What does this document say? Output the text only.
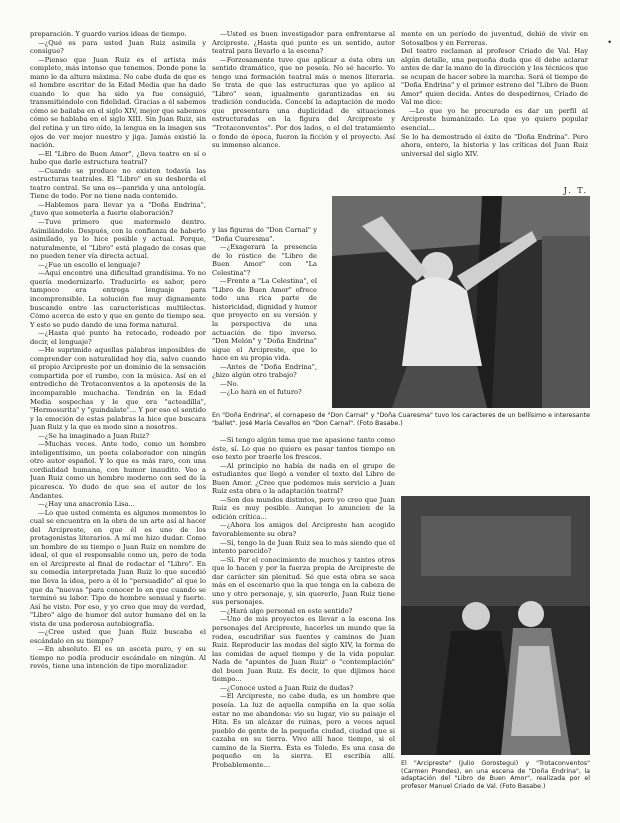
preparación. Y guardo varios ideas de tiempo.

—¿Qué es para usted Juan Ruiz asimila y consigue?

—Pienso que Juan Ruiz es el artista más completo, más intenso que tenemos. Donde pone la mano le da altura máxima. No cabe duda de que es el hombre escritor de la Edad Media que ha dado cuando lo que ha sido ya fue consiguió, transmitiéndolo con fidelidad. Gracias a él sabemos cómo se bailaba en el siglo XIV, mejor que sabemos cómo se hablaba en el siglo XIII. Sin Juan Ruiz, sin del retina y un tiro oído, la lengua en la imagen sus ojos de ver mejor nuestro y jiga. Jamás existió la nación.

—El "Libro de Buen Amor", ¿lleva teatro en sí o hubo que darle estructura teatral?

—Cuando se produce no existen todavía las estructuras teatrales. El "Libro" en su desborda el teatro central. Se una es—panrida y una antología. Tiene de todo. Por no tiene nada contenido.

—Hablemos para llevar ya a "Doña Endrina", ¿tuvo que someterla a fuerte elaboración?

—Tuve primero que matermelo dentro. Asimilándolo. Después, con la confianza de haberlo asimilado, ya lo hice posible y actual. Porque, naturalmente, el "Libro" está plagado de cosas que no pueden tener vía directa actual.

—¿Fue un escollo el lenguaje?

—Aquí encontré una dificultad grandísima. Yo no quería modernizarlo. Traducirlo es sabor, pero tampoco era entrega lenguaje para incomprensible. La solución fue muy dignamente buscando entre las características multilectas. Cómo acerca de esto y que en gente de tiempo sea. Y esto se pudo dando de una forma natural.

—¿Hasta qué punto ha retocado, rodeado por decir, el lenguaje?

—He suprimido aquellas palabras imposibles de comprender con naturalidad hoy día, salvo cuando el propio Arcipreste por un dominio de la sensación compartida por el rumbo, con la música. Así en el entredicho de Trotaconventos a la apoteosis de la incomparable muchacha. Tendrán en la Edad Media sospechas y le que era "acteadílla", "Hermosurita" y "guindalate"... Y por eso el sentido y la emoción de estas palabras la hice que buscara Juan Ruiz y la que es modo sino a nosotros.

—¿Se ha imaginado a Juan Ruiz?

—Muchas veces. Ante todo, como un hombre inteligentísimo, un poeta colaborador con ningún otro autor español. Y lo que es más raro, con una cordialidad humana, con humor inaudito. Veo a Juan Ruiz como un hombre moderno con sed de la picaresca. Yo dudo de que sea el autor de los Andantes.

—¿Hay una anacronía Lisa...

—Lo que usted comenta es algunos momentos lo cual se encuentra en la obra de un arte así al hacer del Arcipreste, en que él es uno de los protagonistas literarios. A mí me hizo dudar. Como un hombre de su tiempo o Juan Ruiz en nombre de ideal, el que el responsable como un, pero de toda en el Arcipreste al final de redactar el "Libro". En su comedia interpretada Juan Ruiz lo que sucedió me lleva la idea, pero a él lo "persuadido" al que lo que da "nuevas "para conocer lo en que cuando se terminó su labor. Tipo de hombre sensual y fuerte. Así he visto. Por eso, y yo creo que muy de verdad, "Libro" algo de humor del autor humano del en la vista de una poderosa autobiografía.

—¿Cree usted que Juan Ruiz buscaba el escándalo en su tiempo?

—En absoluto. Él es un asceta puro, y en su tiempo no podía producir escándalo en ningún. Al revés, tiene una intención de tipo moralizador.

—Usted es buen investigador para enfrentarse al Arcipreste. ¿Hasta qué punto es un sentido, autor teatral para llevarlo a la escena?

—Forzosamente tuve que aplicar a ésta obra un sentido dramático, que no poseía. No sé hacerlo. Yo tengo una formación teatral más o menos literaria. Se trata de que las estructuras que yo aplico al "Libro" sean, igualmente garantizadas en su tradición conducida. Concebí la adaptación de modo que presentara una duplicidad de situaciones estructuradas en la figura del Arcipreste y "Trotaconventos". Por dos lados, o el del tratamiento o fondo de época, fueron la ficción y el proyecto. Así su inmenso alcance.

mente en un período de juventud, debió de vivir en Sotosalbos y en Ferreras.

Del teatro reclaman al profesor Criado de Val. Hay algún detalle, una pequeña duda que él debe aclarar antes de dar la mano de la dirección y los técnicos que se ocupan de hacer sobre la marcha. Será el tiempo de "Doña Endrina" y el primer estreno del "Libro de Buen Amor" quien decida. Antes de despedirnos, Criado de Val me dice:

—Lo que yo he procurado es dar un perfil al Arcipreste humanizado. Lo que yo quiero popular esencial...

Se lo ha demostrado el éxito de "Doña Endrina". Pero ahora, entero, la historia y las críticas del Juan Ruiz universal del siglo XIV.

y las figuras de "Don Carnal" y "Doña Cuaresma".

—¿Exagerará la presencia de lo rústico de "Libro de Buen Amor" con "La Celestina"?

—Frente a "La Celestina", el "Libro de Buen Amor" ofrece todo una rica parte de historicidad, dignidad y humor que proyecto en su versión y la perspectiva de una actuación de tipo inverso. "Don Melón" y "Doña Endrina" sigue el Arcipreste, que lo hace en su propia vida.

—Antes de "Doña Endrina", ¿hizo algún otro trabajo?

—No.

—¿Lo hará en el futuro?

—Si tengo algún tema que me apasione tanto como éste, sí. Lo que no quiero es pasar tantos tiempo en ese texto por traerle los frescos.

—Al principio no había de nada en el grupo de estudiantes que llegó a vender el texto del Libro de Buen Amor. ¿Cree que podemos más servicio a Juan Ruiz esta obra o la adaptación teatral?

—Son dos mundos distintos, pero yo creo que Juan Ruiz es muy posible. Aunque lo anuncien de la edición crítica...

—¿Ahora los amigos del Arcipreste han acogido favorablemente su obra?

—Sí, tengo la de Juan Ruiz sea lo más siendo que el intento parecido?

—Sí. Por el conocimiento de muchos y tantos otros que lo hacen y por la fuerza propia de Arcipreste de dar carácter sin plenitud. Sé que esta obra se saca más en el escenario que la que tenga en la cabeza de uno y otro personaje, y, sin quererlo, Juan Ruiz tiene sus personajes.

—¿Hará algo personal en este sentido?

—Uno de mis proyectos es llevar a la escena los personajes del Arcipreste, hacerles un mundo que la rodea, escudriñar sus fuentes y caminos de Juan Ruiz. Reproducir las modas del siglo XIV, la forma de las comidas de aquel tiempo y de la vida popular. Nada de "apuntes de Juan Ruiz" o "contemplación" del buen Juan Ruiz. Es decir, lo que dijimos hace tiempo...

—¿Conoce usted a Juan Ruiz de dudas?

—El Arcipreste, no cabe duda, es un hombre que poseía. La luz de aquella campiña en la que solía estar no me abandona: vio su lugar, vio su paisaje el Hita. Es un alcázar de ruinas, pero a veces aquel pueblo de gente de la pequeña ciudad, ciudad que si cazaba en su tierra. Vivo allí hace tiempo, si el camino de la Sierra. Ésta es Toledo. Es una casa de pequeño en la sierra. El escribía allí. Probablemente...

J. T.
•
En "Doña Endrina", el cornapeso de "Don Carnal" y "Doña Cuaresma" tuvo los caracteres de un bellísimo e interesante "ballet". José María Cevallos en "Don Carnal". (Foto Basabe.)
El "Arcipreste" (Julio Gorostegui) y "Trotaconventos" (Carmen Prendes), en una escena de "Doña Endrina", la adaptación del "Libro de Buen Amor", realizada por el profesor Manuel Criado de Val. (Foto Basabe.)
